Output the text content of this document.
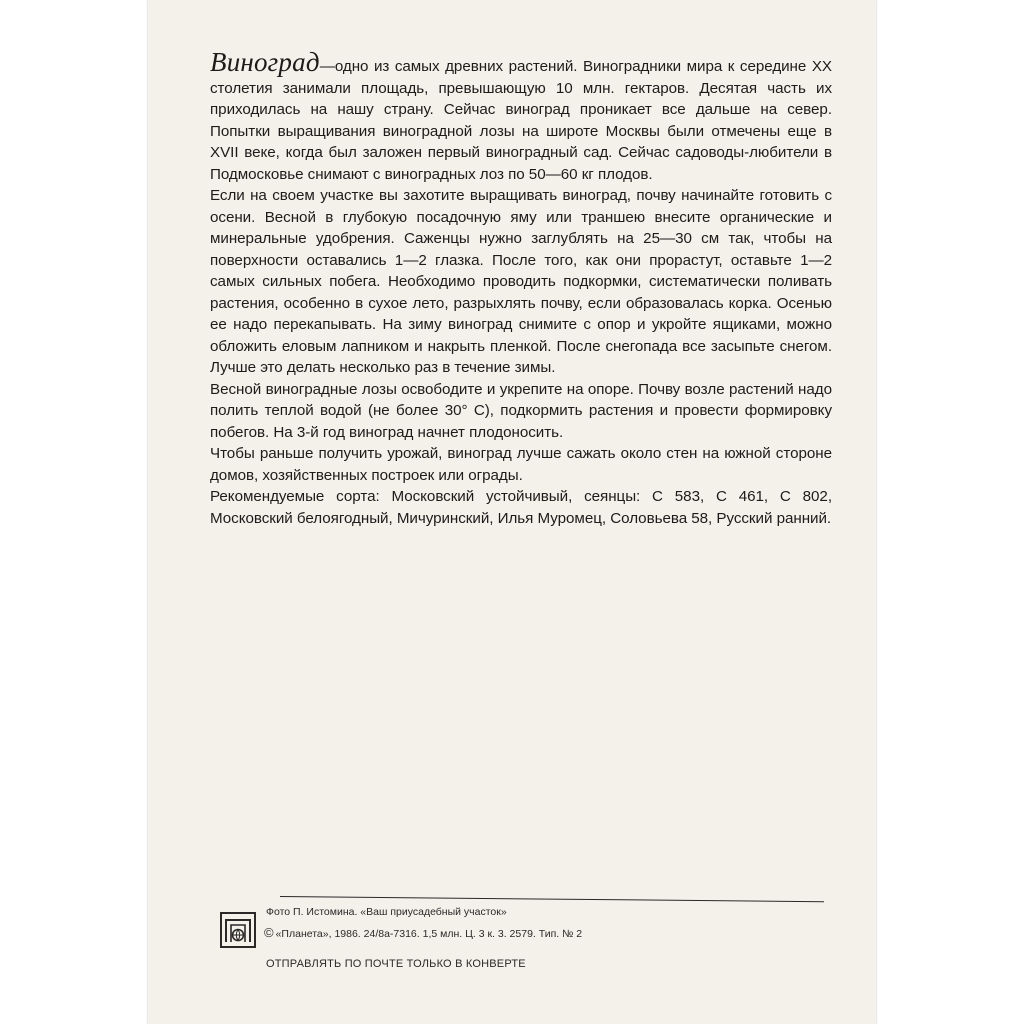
Виноград—одно из самых древних растений. Виноградники мира к середине XX столетия занимали площадь, превышающую 10 млн. гектаров. Десятая часть их приходилась на нашу страну. Сейчас виноград проникает все дальше на север. Попытки выращивания виноградной лозы на широте Москвы были отмечены еще в XVII веке, когда был заложен первый виноградный сад. Сейчас садоводы-любители в Подмосковье снимают с виноградных лоз по 50—60 кг плодов.

Если на своем участке вы захотите выращивать виноград, почву начинайте готовить с осени. Весной в глубокую посадочную яму или траншею внесите органические и минеральные удобрения. Саженцы нужно заглублять на 25—30 см так, чтобы на поверхности оставались 1—2 глазка. После того, как они прорастут, оставьте 1—2 самых сильных побега. Необходимо проводить подкормки, систематически поливать растения, особенно в сухое лето, разрыхлять почву, если образовалась корка. Осенью ее надо перекапывать. На зиму виноград снимите с опор и укройте ящиками, можно обложить еловым лапником и накрыть пленкой. После снегопада все засыпьте снегом. Лучше это делать несколько раз в течение зимы.

Весной виноградные лозы освободите и укрепите на опоре. Почву возле растений надо полить теплой водой (не более 30° С), подкормить растения и провести формировку побегов. На 3-й год виноград начнет плодоносить.

Чтобы раньше получить урожай, виноград лучше сажать около стен на южной стороне домов, хозяйственных построек или ограды.

Рекомендуемые сорта: Московский устойчивый, сеянцы: С 583, С 461, С 802, Московский белоягодный, Мичуринский, Илья Муромец, Соловьева 58, Русский ранний.

Фото П. Истомина. «Ваш приусадебный участок»
© «Планета», 1986. 24/8а-7316. 1,5 млн. Ц. 3 к. 3. 2579. Тип. № 2
ОТПРАВЛЯТЬ ПО ПОЧТЕ ТОЛЬКО В КОНВЕРТЕ
